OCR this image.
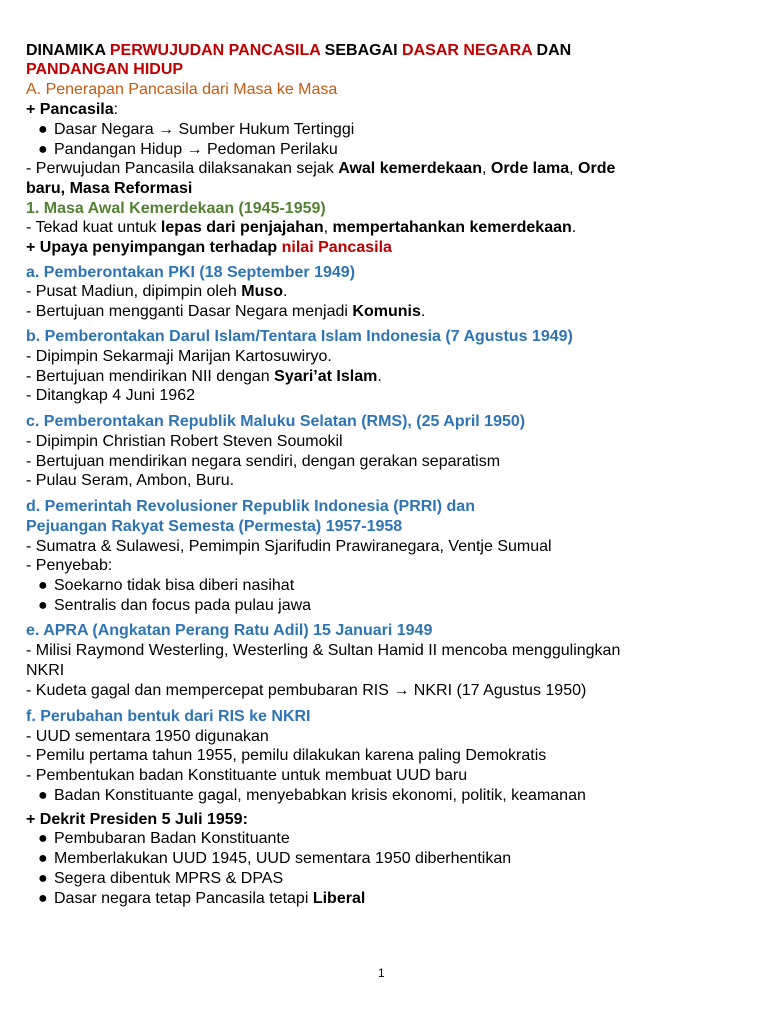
DINAMIKA PERWUJUDAN PANCASILA SEBAGAI DASAR NEGARA DAN
PANDANGAN HIDUP
A. Penerapan Pancasila dari Masa ke Masa
+ Pancasila:
● Dasar Negara → Sumber Hukum Tertinggi
● Pandangan Hidup → Pedoman Perilaku
- Perwujudan Pancasila dilaksanakan sejak Awal kemerdekaan, Orde lama, Orde
baru, Masa Reformasi
1. Masa Awal Kemerdekaan (1945-1959)
- Tekad kuat untuk lepas dari penjajahan, mempertahankan kemerdekaan.
+ Upaya penyimpangan terhadap nilai Pancasila
a. Pemberontakan PKI (18 September 1949)
- Pusat Madiun, dipimpin oleh Muso.
- Bertujuan mengganti Dasar Negara menjadi Komunis.
b. Pemberontakan Darul Islam/Tentara Islam Indonesia (7 Agustus 1949)
- Dipimpin Sekarmaji Marijan Kartosuwiryo.
- Bertujuan mendirikan NII dengan Syari’at Islam.
- Ditangkap 4 Juni 1962
c. Pemberontakan Republik Maluku Selatan (RMS), (25 April 1950)
- Dipimpin Christian Robert Steven Soumokil
- Bertujuan mendirikan negara sendiri, dengan gerakan separatism
- Pulau Seram, Ambon, Buru.
d. Pemerintah Revolusioner Republik Indonesia (PRRI) dan
Pejuangan Rakyat Semesta (Permesta) 1957-1958
- Sumatra & Sulawesi, Pemimpin Sjarifudin Prawiranegara, Ventje Sumual
- Penyebab:
● Soekarno tidak bisa diberi nasihat
● Sentralis dan focus pada pulau jawa
e. APRA (Angkatan Perang Ratu Adil) 15 Januari 1949
- Milisi Raymond Westerling, Westerling & Sultan Hamid II mencoba menggulingkan
NKRI
- Kudeta gagal dan mempercepat pembubaran RIS → NKRI (17 Agustus 1950)
f. Perubahan bentuk dari RIS ke NKRI
- UUD sementara 1950 digunakan
- Pemilu pertama tahun 1955, pemilu dilakukan karena paling Demokratis
- Pembentukan badan Konstituante untuk membuat UUD baru
● Badan Konstituante gagal, menyebabkan krisis ekonomi, politik, keamanan
+ Dekrit Presiden 5 Juli 1959:
● Pembubaran Badan Konstituante
● Memberlakukan UUD 1945, UUD sementara 1950 diberhentikan
● Segera dibentuk MPRS & DPAS
● Dasar negara tetap Pancasila tetapi Liberal
1
